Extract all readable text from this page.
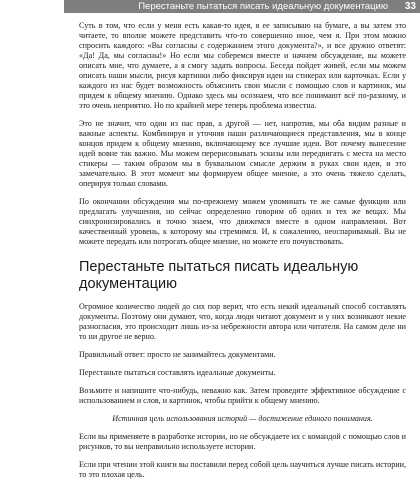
Перестаньте пытаться писать идеальную документацию 33

Суть в том, что если у меня есть какая-то идея, я ее записываю на бумаге, а вы затем это читаете, то вполне можете представить что-то совершенно иное, чем я. При этом можно спросить каждого: «Вы согласны с содержанием этого документа?», и все дружно ответят: «Да! Да, мы согласны!» Но если мы соберемся вместе и начнем обсуждение, вы можете описать мне, что думаете, а я смогу задать вопросы. Беседа пойдет живей, если мы можем описать наши мысли, рисуя картинки либо фиксируя идеи на стикерах или карточках. Если у каждого из нас будет возможность объяснить свои мысли с помощью слов и картинок, мы придем к общему мнению. Однако здесь мы осознаем, что все понимают всё по-разному, и это очень неприятно. Но по крайней мере теперь проблема известна.

Это не значит, что один из нас прав, а другой — нет, напротив, мы оба видим разные и важные аспекты. Комбинируя и уточняя наши различающиеся представления, мы в конце концов придем к общему мнению, включающему все лучшие идеи. Вот почему вынесение идей вовне так важно. Мы можем перерисовывать эскизы или передвигать с места на место стикеры — таким образом мы в буквальном смысле держим в руках свои идеи, и это замечательно. В этот момент мы формируем общее мнение, а это очень тяжело сделать, оперируя только словами.

По окончании обсуждения мы по-прежнему можем упоминать те же самые функции или предлагать улучшения, но сейчас определенно говорим об одних и тех же вещах. Мы синхронизировались и точно знаем, что движемся вместе в одном направлении. Вот качественный уровень, к которому мы стремимся. И, к сожалению, неоспаривамый. Вы не можете передать или потрогать общее мнение, но можете его почувствовать.

Перестаньте пытаться писать идеальную документацию

Огромное количество людей до сих пор верит, что есть некий идеальный способ составлять документы. Поэтому они думают, что, когда люди читают документ и у них возникают некие разногласия, это происходит лишь из-за небрежности автора или читателя. На самом деле ни то ни другое не верно.

Правильный ответ: просто не занимайтесь документами.

Перестаньте пытаться составлять идеальные документы.

Возьмите и напишите что-нибудь, неважно как. Затем проведите эффективное обсуждение с использованием и слов, и картинок, чтобы прийти к общему мнению.

Истинная цель использования историй — достижение единого понимания.

Если вы применяете в разработке истории, но не обсуждаете их с командой с помощью слов и рисунков, то вы неправильно используете истории.

Если при чтении этой книги вы поставили перед собой цель научиться лучше писать истории, то это плохая цель.
